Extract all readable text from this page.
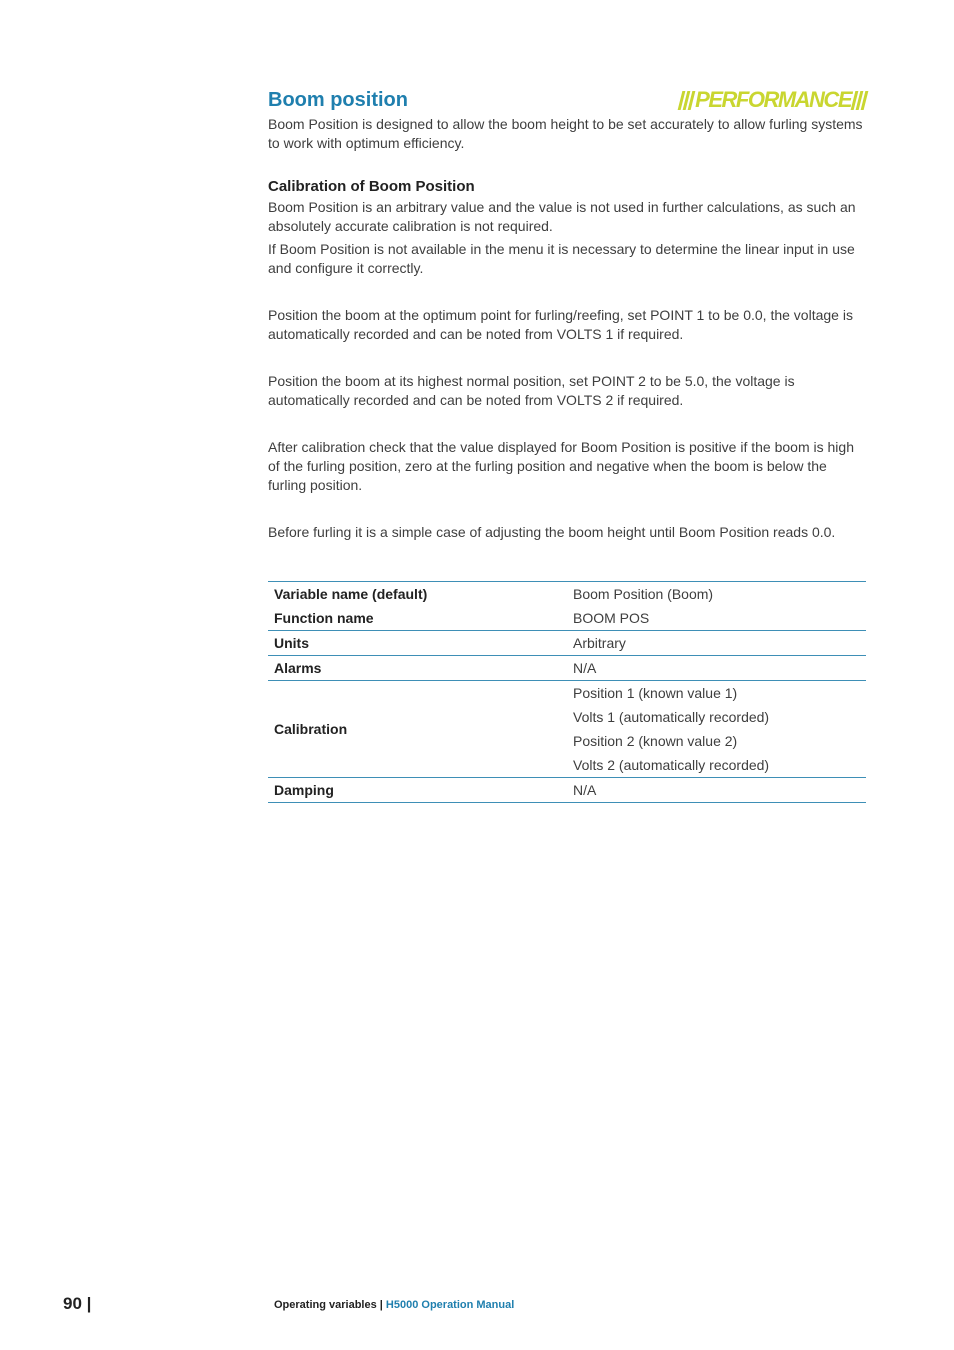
Boom position	PERFORMANCE

Boom Position is designed to allow the boom height to be set accurately to allow furling systems to work with optimum efficiency.

Calibration of Boom Position

Boom Position is an arbitrary value and the value is not used in further calculations, as such an absolutely accurate calibration is not required.

If Boom Position is not available in the menu it is necessary to determine the linear input in use and configure it correctly.

Position the boom at the optimum point for furling/reefing, set POINT 1 to be 0.0, the voltage is automatically recorded and can be noted from VOLTS 1 if required.

Position the boom at its highest normal position, set POINT 2 to be 5.0, the voltage is automatically recorded and can be noted from VOLTS 2 if required.

After calibration check that the value displayed for Boom Position is positive if the boom is high of the furling position, zero at the furling position and negative when the boom is below the furling position.

Before furling it is a simple case of adjusting the boom height until Boom Position reads 0.0.

Variable name (default)	Boom Position (Boom)
Function name	BOOM POS
Units	Arbitrary
Alarms	N/A
Calibration	Position 1 (known value 1)
	Volts 1 (automatically recorded)
	Position 2 (known value 2)
	Volts 2 (automatically recorded)
Damping	N/A
90 |	Operating variables | H5000 Operation Manual
